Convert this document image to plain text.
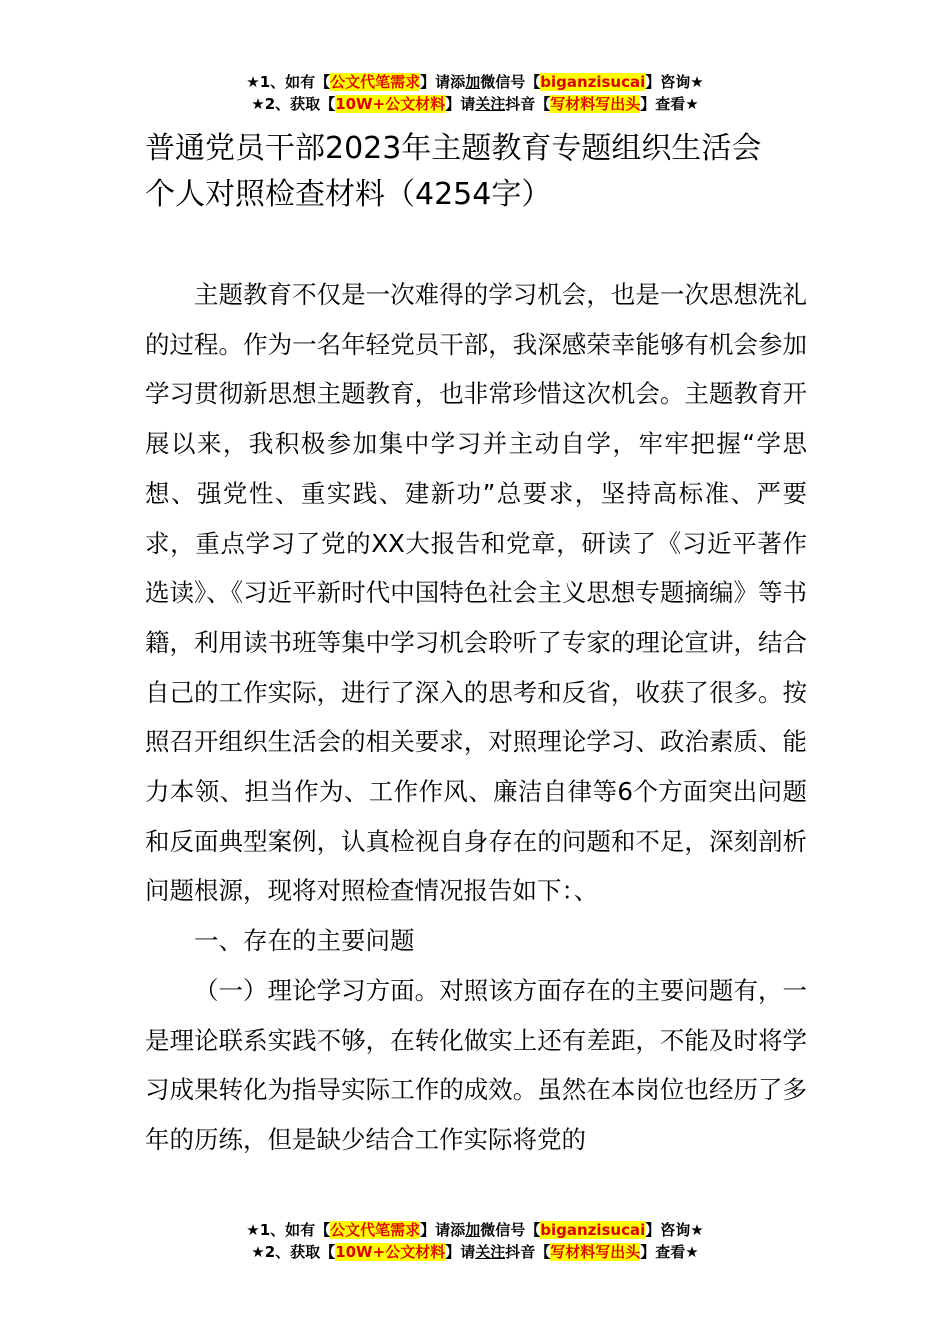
★1、如有【公文代笔需求】请添加微信号【biganzisucai】咨询★
★2、获取【10W+公文材料】请关注抖音【写材料写出头】查看★
普通党员干部2023年主题教育专题组织生活会
个人对照检查材料（4254字）

主题教育不仅是一次难得的学习机会，也是一次思想洗礼的过程。作为一名年轻党员干部，我深感荣幸能够有机会参加学习贯彻新思想主题教育，也非常珍惜这次机会。主题教育开展以来，我积极参加集中学习并主动自学，牢牢把握“学思想、强党性、重实践、建新功”总要求，坚持高标准、严要求，重点学习了党的XX大报告和党章，研读了《习近平著作选读》、《习近平新时代中国特色社会主义思想专题摘编》等书籍，利用读书班等集中学习机会聆听了专家的理论宣讲，结合自己的工作实际，进行了深入的思考和反省，收获了很多。按照召开组织生活会的相关要求，对照理论学习、政治素质、能力本领、担当作为、工作作风、廉洁自律等6个方面突出问题和反面典型案例，认真检视自身存在的问题和不足，深刻剖析问题根源，现将对照检查情况报告如下：、

一、存在的主要问题

（一）理论学习方面。对照该方面存在的主要问题有，一是理论联系实践不够，在转化做实上还有差距，不能及时将学习成果转化为指导实际工作的成效。虽然在本岗位也经历了多年的历练，但是缺少结合工作实际将党的

★1、如有【公文代笔需求】请添加微信号【biganzisucai】咨询★
★2、获取【10W+公文材料】请关注抖音【写材料写出头】查看★
